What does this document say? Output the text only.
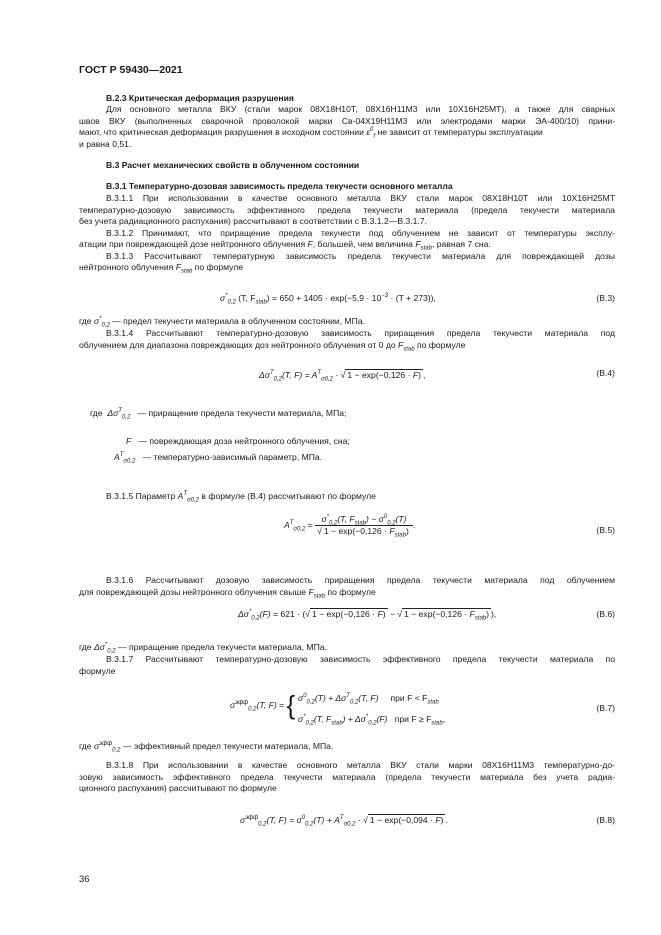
ГОСТ Р 59430—2021
В.2.3 Критическая деформация разрушения
Для основного металла ВКУ (стали марок 08Х18Н10Т, 08Х16Н11М3 или 10Х16Н25МТ), а также для сварных
швов ВКУ (выполненных сварочной проволокой марки Св-04Х19Н11М3 или электродами марки ЭА-400/10) прини-
мают, что критическая деформация разрушения в исходном состоянии $\varepsilon^0_f$ не зависит от температуры эксплуатации
и равна 0,51.
В.3 Расчет механических свойств в облученном состоянии
В.3.1 Температурно-дозовая зависимость предела текучести основного металла
В.3.1.1 При использовании в качестве основного металла ВКУ стали марок 08Х18Н10Т или 10Х16Н25МТ
температурно-дозовую зависимость эффективного предела текучести материала (предела текучести материала
без учета радиационного распухания) рассчитывают в соответствии с В.3.1.2—В.3.1.7.
В.3.1.2 Принимают, что приращение предела текучести под облучением не зависит от температуры эксплу-
атации при повреждающей дозе нейтронного облучения F, большей, чем величина $F_{stab}$, равная 7 сна.
В.3.1.3 Рассчитывают температурную зависимость предела текучести материала для повреждающей дозы
нейтронного облучения $F_{stab}$ по формуле
$\sigma^*_{0,2}$ (T, $F_{stab}) = 650 + 1405 \cdot \exp(-5,9 \cdot 10^{-3} \cdot (T + 273))$,	(В.3)
где $\sigma^*_{0,2}$ — предел текучести материала в облученном состоянии, МПа.
В.3.1.4 Рассчитывают температурно-дозовую зависимость приращения предела текучести материала под
облучением для диапазона повреждающих доз нейтронного облучения от 0 до $F_{stab}$ по формуле
$\Delta\sigma^T_{0,2}(T$, $F) = A^T_{\sigma 0,2}$ · √ 1 − exp(−0,126 · F) ,	(В.4)
где $\Delta\sigma^T_{0,2}$ — приращение предела текучести материала, МПа;
F — повреждающая доза нейтронного облучения, сна;
$A^T_{\sigma 0,2}$ — температурно-зависимый параметр, МПа.
В.3.1.5 Параметр $A^T_{\sigma 0,2}$ в формуле (В.4) рассчитывают по формуле
$A^T_{\sigma 0,2} = \frac{\sigma^*_{0,2}(T, F_{stab}) - \sigma^0_{0,2}(T)}{√ 1 - \exp(-0,126 \cdot F_{stab})}$ .
(В.5)
В.3.1.6 Рассчитывают дозовую зависимость приращения предела текучести материала под облучением
для повреждающей дозы нейтронного облучения свыше $F_{stab}$ по формуле
$\Delta\sigma^*_{0,2}(F) = 621$ · (√ 1 − exp(−0,126 · F) − √ $1 - \exp(-0,126 \cdot F_{stab})$ ),	(В.6)
где $\Delta\sigma^*_{0,2}$ — приращение предела текучести материала, МПа.
В.3.1.7 Рассчитывают температурно-дозовую зависимость эффективного предела текучести материала по
формуле
$\sigma^{эфф}_{0,2}(T$, F) = { $\sigma^0_{0,2}(T) + \Delta\sigma^T_{0,2}(T$, F) при $F < F_{stab}$
$\sigma^*_{0,2}(T$, $F_{stab}) + \Delta\sigma^*_{0,2}(F)$ при $F \ge F_{stab}$,
(В.7)
где $\sigma^{эфф}_{0,2}$ — эффективный предел текучести материала, МПа.
В.3.1.8 При использовании в качестве основного металла ВКУ стали марки 08Х16Н11М3 температурно-до-
зовую зависимость эффективного предела текучести материала (предела текучести материала без учета радиа-
ционного распухания) рассчитывают по формуле
$\sigma^{эфф}_{0,2}(T$, $F) = \sigma^0_{0,2}(T) + A^T_{\sigma 0,2}$ · √ 1 − exp(−0,094 · F) .	(В.8)
36
